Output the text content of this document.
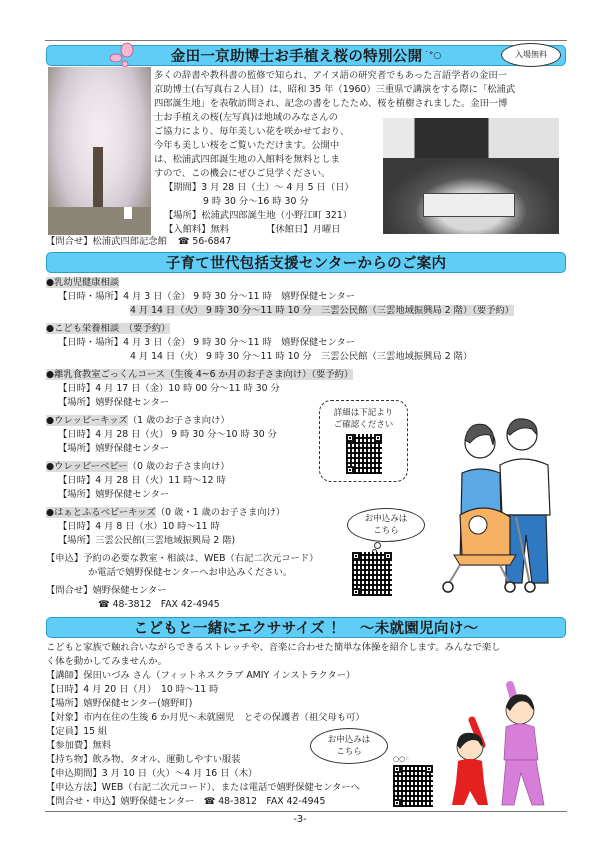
金田一京助博士お手植え桜の特別公開 ˙°○	入場無料
多くの辞書や教科書の監修で知られ、アイヌ語の研究者でもあった言語学者の金田一
京助博士(右写真右２人目）は、昭和 35 年（1960）三重県で講演をする際に「松浦武
四郎誕生地」を表敬訪問され、記念の書をしたため、桜を植樹されました。金田一博
士お手植えの桜(左写真)は地域のみなさんの
ご協力により、毎年美しい花を咲かせており、
今年も美しい桜をご覧いただけます。公開中
は、松浦武四郎誕生地の入館料を無料としま
すので、この機会にぜひご見学ください。
【期間】3 月 28 日（土）～ 4 月 5 日（日）
9 時 30 分～16 時 30 分
【場所】松浦武四郎誕生地（小野江町 321）
【入館料】無料	【休館日】月曜日
【問合せ】松浦武四郎記念館 ☎ 56-6847
子育て世代包括支援センターからのご案内
●乳幼児健康相談
【日時・場所】4 月 3 日（金） 9 時 30 分～11 時　嬉野保健センター
4 月 14 日（火） 9 時 30 分～11 時 10 分　三雲公民館（三雲地域振興局 2 階）（要予約）
●こども栄養相談　（要予約）
【日時・場所】4 月 3 日（金） 9 時 30 分～11 時　嬉野保健センター
4 月 14 日（火） 9 時 30 分～11 時 10 分　三雲公民館（三雲地域振興局 2 階）
●離乳食教室ごっくんコース（生後 4~6 か月のお子さま向け）（要予約）
【日時】4 月 17 日（金）10 時 00 分～11 時 30 分
【場所】嬉野保健センター
●ウレッピーキッズ（1 歳のお子さま向け）
【日時】4 月 28 日（火） 9 時 30 分～10 時 30 分
【場所】嬉野保健センター
●ウレッピーベビー（0 歳のお子さま向け）
【日時】4 月 28 日（火）11 時～12 時
【場所】嬉野保健センター
●はぁとふるベビーキッズ（0 歳・1 歳のお子さま向け）
【日時】4 月 8 日（水）10 時～11 時
【場所】三雲公民館(三雲地域振興局 2 階)
【申込】予約の必要な教室・相談は、WEB（右記二次元コード）
か電話で嬉野保健センターへお申込みください。
【問合せ】嬉野保健センター
☎ 48-3812　FAX 42-4945
詳細は下記より
ご確認ください
お申込みは
こちら
こどもと一緒にエクササイズ ！　～未就園児向け～
こどもと家族で触れ合いながらできるストレッチや、音楽に合わせた簡単な体操を紹介します。みんなで楽し
く体を動かしてみませんか。
【講師】保田いづみ さん（フィットネスクラブ AMIY インストラクター）
【日時】4 月 20 日（月）　10 時～11 時
【場所】嬉野保健センター(嬉野町)
【対象】市内在住の生後 6 か月児～未就園児　とその保護者（祖父母も可）
【定員】15 組
【参加費】無料
【持ち物】飲み物、タオル、運動しやすい服装
【申込期間】3 月 10 日（火）～4 月 16 日（木）
【申込方法】WEB（右記二次元コード）、または電話で嬉野保健センターへ
【問合せ・申込】嬉野保健センター　☎ 48-3812　FAX 42-4945
お申込みは
こちら
○○◦
-3-
